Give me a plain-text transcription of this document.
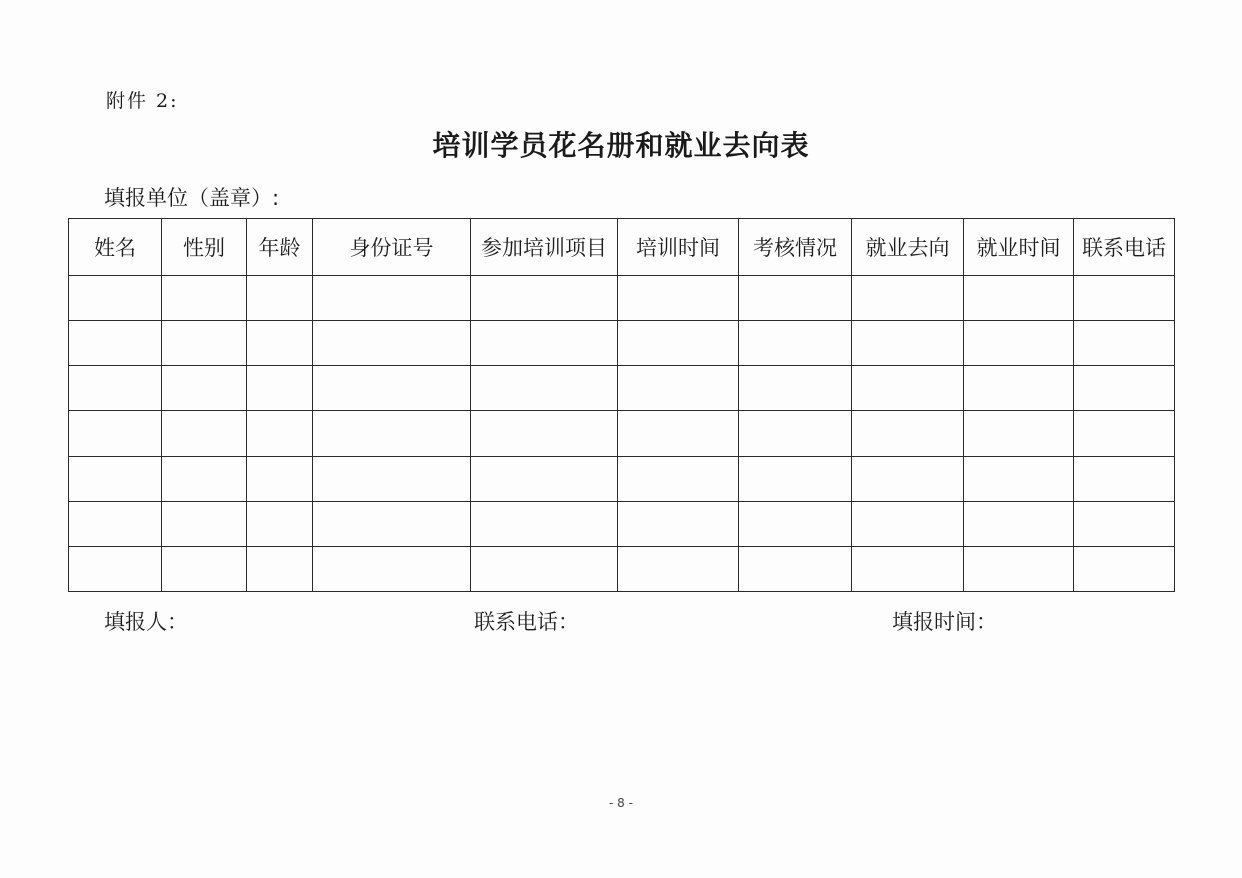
附件 2:
培训学员花名册和就业去向表
填报单位（盖章）:
姓名	性别	年龄	身份证号	参加培训项目	培训时间	考核情况	就业去向	就业时间	联系电话

填报人：	联系电话：	填报时间：
- 8 -
